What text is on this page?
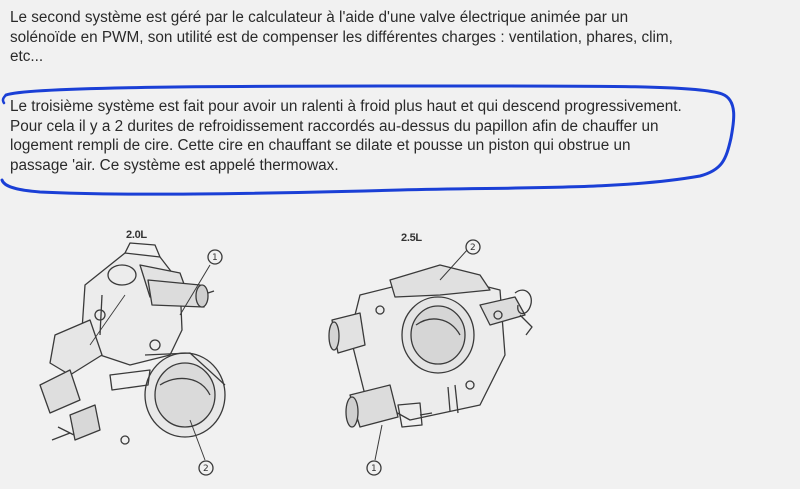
Le second système est géré par le calculateur à l'aide d'une valve électrique animée par un
solénoïde en PWM, son utilité est de compenser les différentes charges : ventilation, phares, clim,
etc...
Le troisième système est fait pour avoir un ralenti à froid plus haut et qui descend progressivement.
Pour cela il y a 2 durites de refroidissement raccordés au-dessus du papillon afin de chauffer un
logement rempli de cire. Cette cire en chauffant se dilate et pousse un piston qui obstrue un
passage 'air. Ce système est appelé thermowax.
2.0L	2.5L
1
2
2
1
